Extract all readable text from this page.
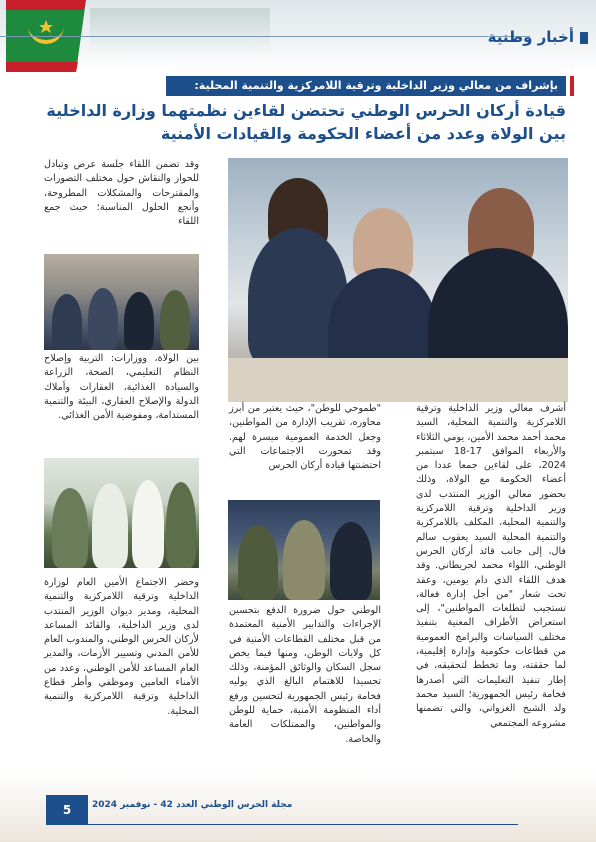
أخبار وطنية
بإشراف من معالي وزير الداخلية وترقية اللامركزية والتنمية المحلية:
قيادة أركان الحرس الوطني تحتضن لقاءين نظمتهما وزارة الداخلية بين الولاة وعدد من أعضاء الحكومة والقيادات الأمنية
أشرف معالي وزير الداخلية وترقية اللامركزية والتنمية المحلية، السيد محمد أحمد محمد الأمين، يومي الثلاثاء والأربعاء الموافق 17-18 سبتمبر 2024، على لقاءين جمعا عددا من أعضاء الحكومة مع الولاة، وذلك بحضور معالي الوزير المنتدب لدى وزير الداخلية وترقية اللامركزية والتنمية المحلية، المكلف باللامركزية والتنمية المحلية السيد يعقوب سالم فال، إلى جانب قائد أركان الحرس الوطني، اللواء محمد لحريطاني. وقد هدف اللقاء الذي دام يومين، وعقد تحت شعار "من أجل إدارة فعالة، تستجيب لتطلعات المواطنين"، إلى استعراض الأطراف المعنية بتنفيذ مختلف السياسات والبرامج العمومية من قطاعات حكومية وإدارة إقليمية، لما حققته، وما تخطط لتحقيقه، في إطار تنفيذ التعليمات التي أصدرها فخامة رئيس الجمهورية؛ السيد محمد ولد الشيخ الغزواني، والتي تضمنها مشروعه المجتمعي
"طموحي للوطن"، حيث يعتبر من أبرز محاوره، تقريب الإدارة من المواطنين، وجعل الخدمة العمومية ميسرة لهم. وقد تمحورت الاجتماعات التي احتضنتها قيادة أركان الحرس
الوطني حول ضرورة الدفع بتحسين الإجراءات والتدابير الأمنية المعتمدة من قبل مختلف القطاعات الأمنية في كل ولايات الوطن، ومنها فيما يخص سجل السكان والوثائق المؤمنة، وذلك تجسيدا للاهتمام البالغ الذي يوليه فخامة رئيس الجمهورية لتحسين ورفع أداء المنظومة الأمنية، حماية للوطن والمواطنين، والممتلكات العامة والخاصة.
وقد تضمن اللقاء جلسة عرض وتبادل للحوار والنقاش حول مختلف التصورات والمقترحات والمشكلات المطروحة، وأنجع الحلول المناسبة؛ حيث جمع اللقاء
بين الولاة، ووزارات: التربية وإصلاح النظام التعليمي، الصحة، الزراعة والسيادة الغذائية، العقارات وأملاك الدولة والإصلاح العقاري، البيئة والتنمية المستدامة، ومفوضية الأمن الغذائي.
وحضر الاجتماع الأمين العام لوزارة الداخلية وترقية اللامركزية والتنمية المحلية، ومدير ديوان الوزير المنتدب لدى وزير الداخلية، والقائد المساعد لأركان الحرس الوطني، والمندوب العام للأمن المدني وتسيير الأزمات، والمدير العام المساعد للأمن الوطني، وعدد من الأمناء العامين وموظفي وأطر قطاع الداخلية وترقية اللامركزية والتنمية المحلية.
5	مجلة الحرس الوطني العدد 42 - نوفمبر 2024
